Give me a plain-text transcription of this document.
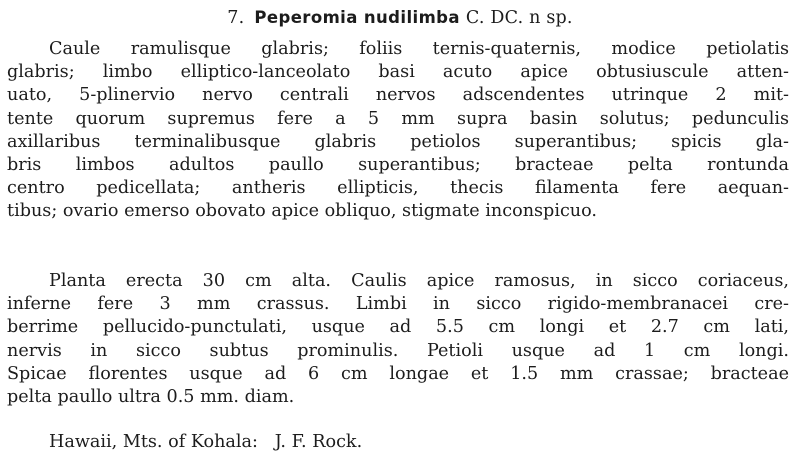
7. Peperomia nudilimba C. DC. n sp.
Caule ramulisque glabris; foliis ternis-quaternis, modice petiolatis
glabris; limbo elliptico-lanceolato basi acuto apice obtusiuscule atten-
uato, 5-plinervio nervo centrali nervos adscendentes utrinque 2 mit-
tente quorum supremus fere a 5 mm supra basin solutus; pedunculis
axillaribus terminalibusque glabris petiolos superantibus; spicis gla-
bris limbos adultos paullo superantibus; bracteae pelta rontunda
centro pedicellata; antheris ellipticis, thecis filamenta fere aequan-
tibus; ovario emerso obovato apice obliquo, stigmate inconspicuo.
Planta erecta 30 cm alta. Caulis apice ramosus, in sicco coriaceus,
inferne fere 3 mm crassus. Limbi in sicco rigido-membranacei cre-
berrime pellucido-punctulati, usque ad 5.5 cm longi et 2.7 cm lati,
nervis in sicco subtus prominulis. Petioli usque ad 1 cm longi.
Spicae florentes usque ad 6 cm longae et 1.5 mm crassae; bracteae
pelta paullo ultra 0.5 mm. diam.
Hawaii, Mts. of Kohala:   J. F. Rock.
